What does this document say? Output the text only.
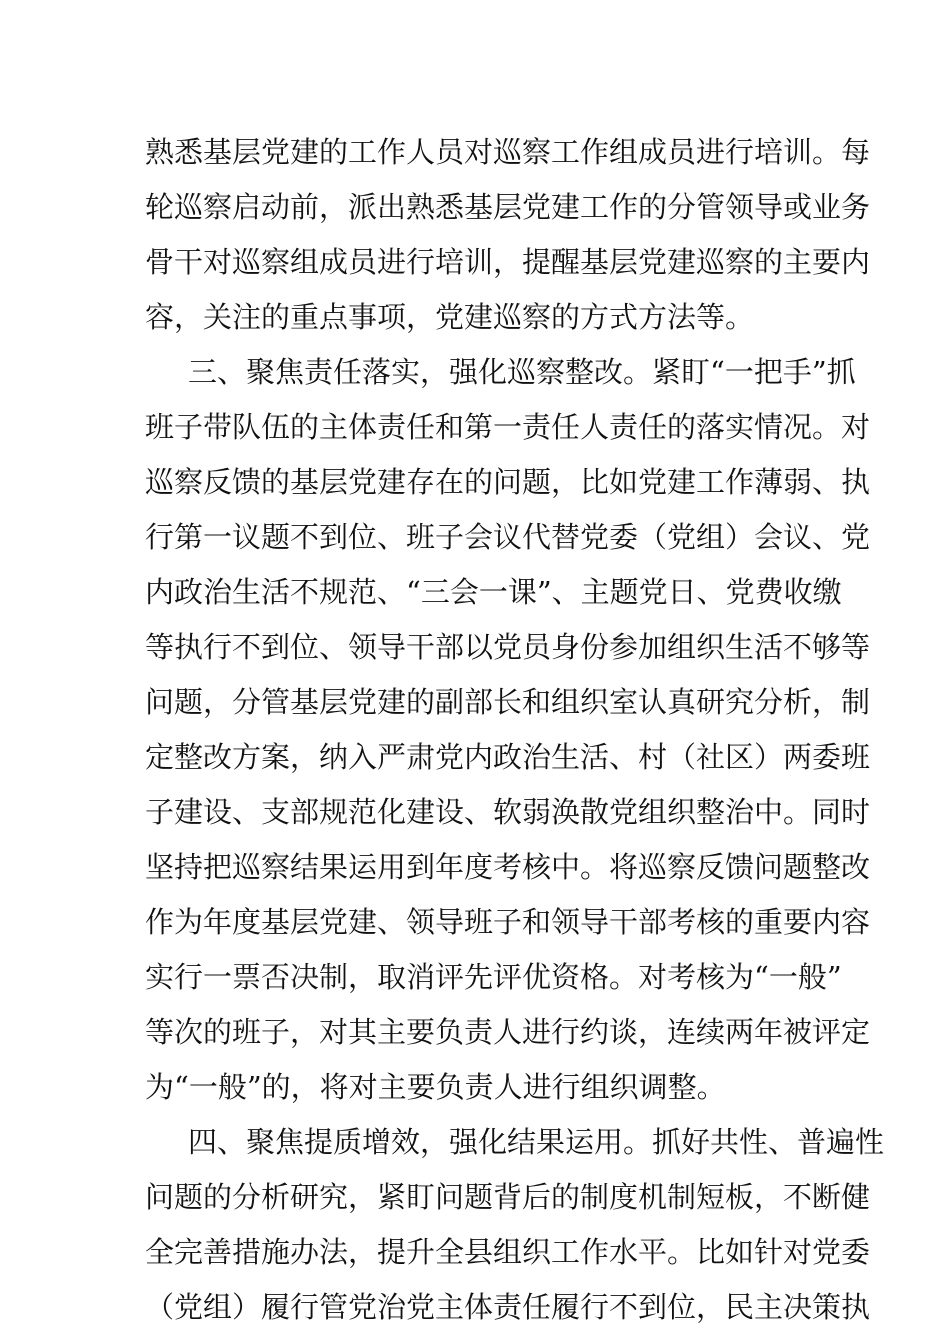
熟悉基层党建的工作人员对巡察工作组成员进行培训。每
轮巡察启动前，派出熟悉基层党建工作的分管领导或业务
骨干对巡察组成员进行培训，提醒基层党建巡察的主要内
容，关注的重点事项，党建巡察的方式方法等。
三、聚焦责任落实，强化巡察整改。紧盯“一把手”抓
班子带队伍的主体责任和第一责任人责任的落实情况。对
巡察反馈的基层党建存在的问题，比如党建工作薄弱、执
行第一议题不到位、班子会议代替党委（党组）会议、党
内政治生活不规范、“三会一课”、主题党日、党费收缴
等执行不到位、领导干部以党员身份参加组织生活不够等
问题，分管基层党建的副部长和组织室认真研究分析，制
定整改方案，纳入严肃党内政治生活、村（社区）两委班
子建设、支部规范化建设、软弱涣散党组织整治中。同时
坚持把巡察结果运用到年度考核中。将巡察反馈问题整改
作为年度基层党建、领导班子和领导干部考核的重要内容
实行一票否决制，取消评先评优资格。对考核为“一般”
等次的班子，对其主要负责人进行约谈，连续两年被评定
为“一般”的，将对主要负责人进行组织调整。
四、聚焦提质增效，强化结果运用。抓好共性、普遍性
问题的分析研究，紧盯问题背后的制度机制短板，不断健
全完善措施办法，提升全县组织工作水平。比如针对党委
（党组）履行管党治党主体责任履行不到位，民主决策执
